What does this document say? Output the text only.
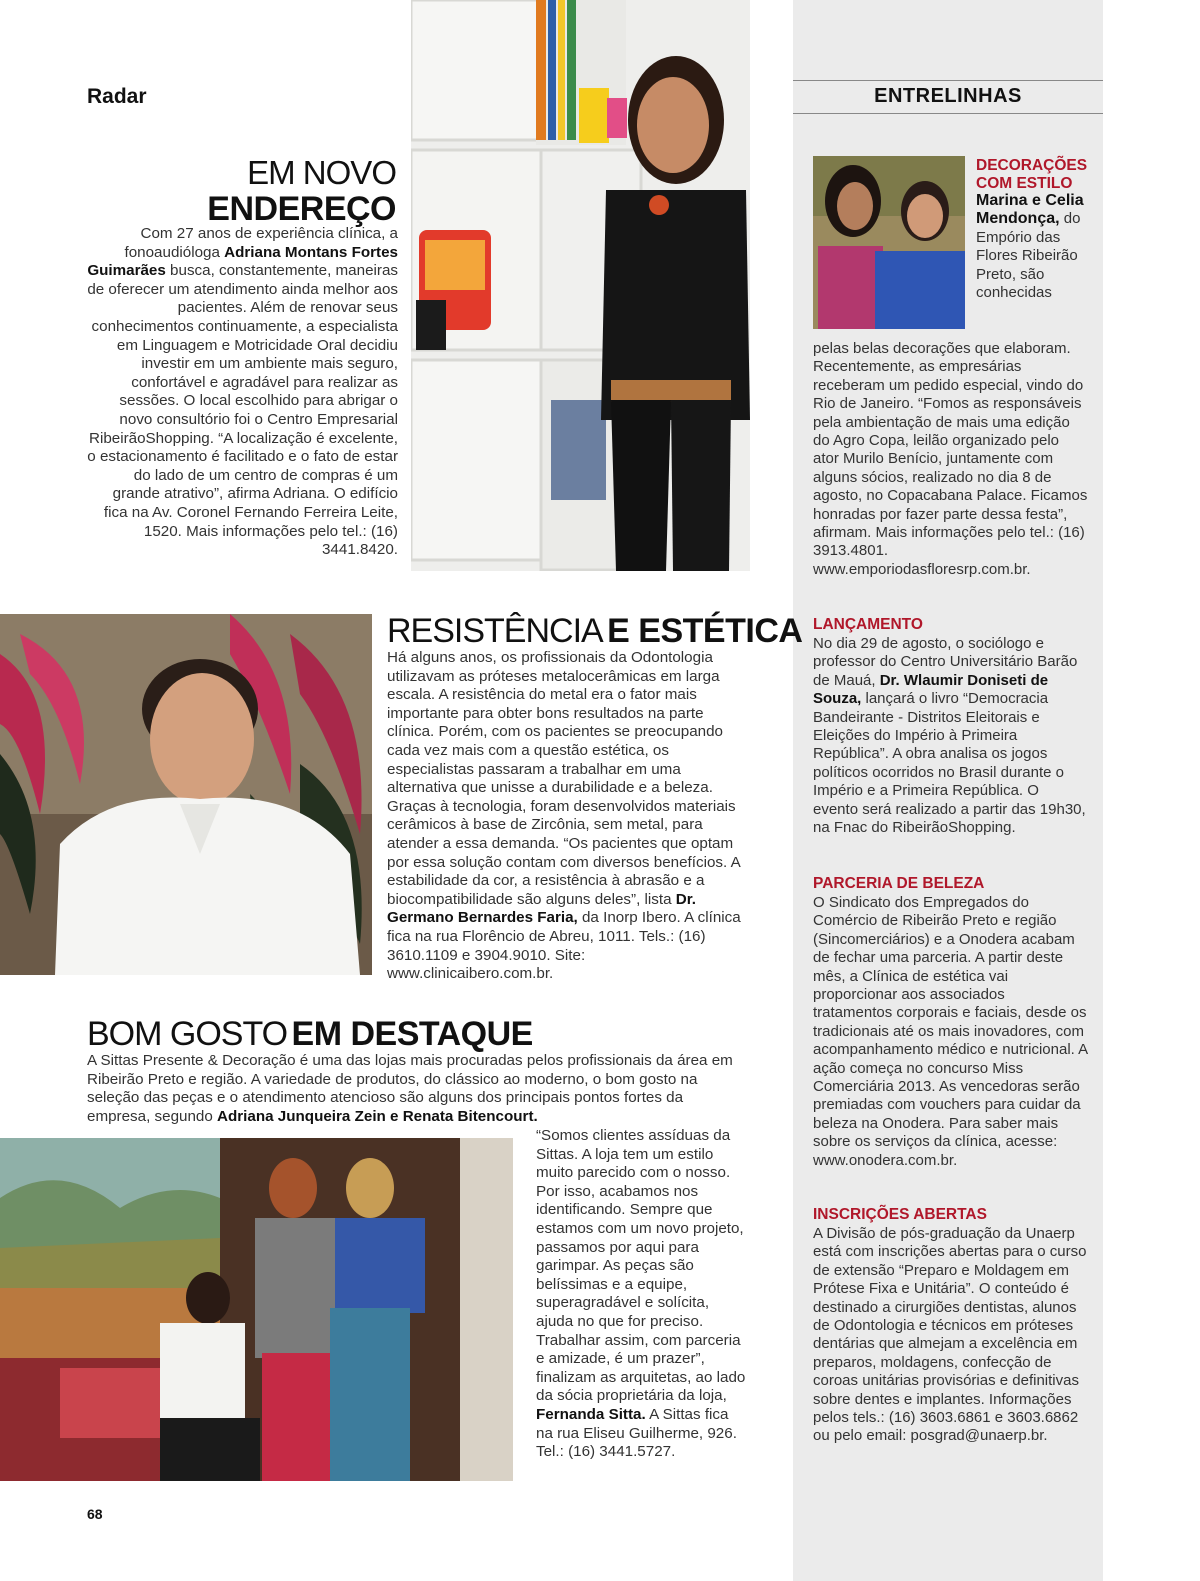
Radar
EM NOVO
ENDEREÇO
Com 27 anos de experiência clínica, a fonoaudióloga Adriana Montans Fortes Guimarães busca, constantemente, maneiras de oferecer um atendimento ainda melhor aos pacientes. Além de renovar seus conhecimentos continuamente, a especialista em Linguagem e Motricidade Oral decidiu investir em um ambiente mais seguro, confortável e agradável para realizar as sessões. O local escolhido para abrigar o novo consultório foi o Centro Empresarial RibeirãoShopping. “A localização é excelente, o estacionamento é facilitado e o fato de estar do lado de um centro de compras é um grande atrativo”, afirma Adriana. O edifício fica na Av. Coronel Fernando Ferreira Leite, 1520. Mais informações pelo tel.: (16) 3441.8420.
RESISTÊNCIA E ESTÉTICA
Há alguns anos, os profissionais da Odontologia utilizavam as próteses metalocerâmicas em larga escala. A resistência do metal era o fator mais importante para obter bons resultados na parte clínica. Porém, com os pacientes se preocupando cada vez mais com a questão estética, os especialistas passaram a trabalhar em uma alternativa que unisse a durabilidade e a beleza. Graças à tecnologia, foram desenvolvidos materiais cerâmicos à base de Zircônia, sem metal, para atender a essa demanda. “Os pacientes que optam por essa solução contam com diversos benefícios. A estabilidade da cor, a resistência à abrasão e a biocompatibilidade são alguns deles”, lista Dr. Germano Bernardes Faria, da Inorp Ibero. A clínica fica na rua Florêncio de Abreu, 1011. Tels.: (16) 3610.1109 e 3904.9010. Site: www.clinicaibero.com.br.
BOM GOSTO EM DESTAQUE
A Sittas Presente & Decoração é uma das lojas mais procuradas pelos profissionais da área em Ribeirão Preto e região. A variedade de produtos, do clássico ao moderno, o bom gosto na seleção das peças e o atendimento atencioso são alguns dos principais pontos fortes da empresa, segundo Adriana Junqueira Zein e Renata Bitencourt.
“Somos clientes assíduas da Sittas. A loja tem um estilo muito parecido com o nosso. Por isso, acabamos nos identificando. Sempre que estamos com um novo projeto, passamos por aqui para garimpar. As peças são belíssimas e a equipe, superagradável e solícita, ajuda no que for preciso. Trabalhar assim, com parceria e amizade, é um prazer”, finalizam as arquitetas, ao lado da sócia proprietária da loja, Fernanda Sitta. A Sittas fica na rua Eliseu Guilherme, 926. Tel.: (16) 3441.5727.
68
ENTRELINHAS
DECORAÇÕES COM ESTILO
Marina e Celia Mendonça, do Empório das Flores Ribeirão Preto, são conhecidas
pelas belas decorações que elaboram. Recentemente, as empresárias receberam um pedido especial, vindo do Rio de Janeiro. “Fomos as responsáveis pela ambientação de mais uma edição do Agro Copa, leilão organizado pelo ator Murilo Benício, juntamente com alguns sócios, realizado no dia 8 de agosto, no Copacabana Palace. Ficamos honradas por fazer parte dessa festa”, afirmam. Mais informações pelo tel.: (16) 3913.4801. www.emporiodasfloresrp.com.br.
LANÇAMENTO
No dia 29 de agosto, o sociólogo e professor do Centro Universitário Barão de Mauá, Dr. Wlaumir Doniseti de Souza, lançará o livro “Democracia Bandeirante - Distritos Eleitorais e Eleições do Império à Primeira República”. A obra analisa os jogos políticos ocorridos no Brasil durante o Império e a Primeira República. O evento será realizado a partir das 19h30, na Fnac do RibeirãoShopping.
PARCERIA DE BELEZA
O Sindicato dos Empregados do Comércio de Ribeirão Preto e região (Sincomerciários) e a Onodera acabam de fechar uma parceria. A partir deste mês, a Clínica de estética vai proporcionar aos associados tratamentos corporais e faciais, desde os tradicionais até os mais inovadores, com acompanhamento médico e nutricional. A ação começa no concurso Miss Comerciária 2013. As vencedoras serão premiadas com vouchers para cuidar da beleza na Onodera. Para saber mais sobre os serviços da clínica, acesse: www.onodera.com.br.
INSCRIÇÕES ABERTAS
A Divisão de pós-graduação da Unaerp está com inscrições abertas para o curso de extensão “Preparo e Moldagem em Prótese Fixa e Unitária”. O conteúdo é destinado a cirurgiões dentistas, alunos de Odontologia e técnicos em próteses dentárias que almejam a excelência em preparos, moldagens, confecção de coroas unitárias provisórias e definitivas sobre dentes e implantes. Informações pelos tels.: (16) 3603.6861 e 3603.6862 ou pelo email: posgrad@unaerp.br.
